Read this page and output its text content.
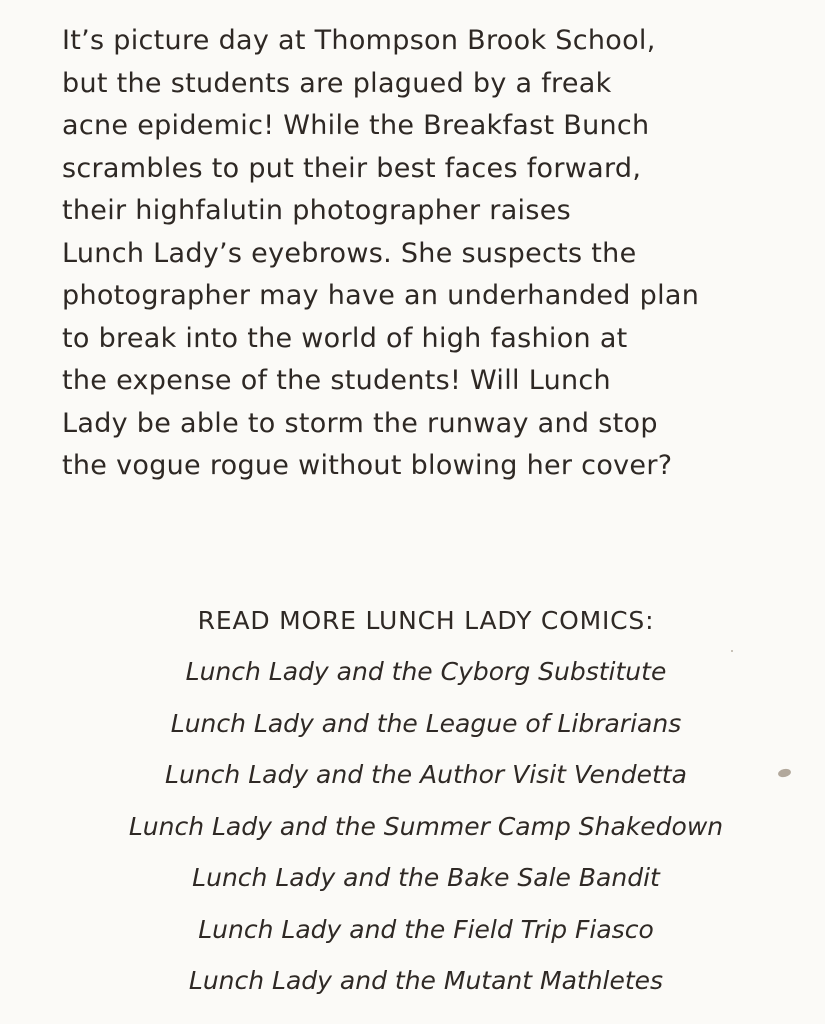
It’s picture day at Thompson Brook School,
but the students are plagued by a freak
acne epidemic! While the Breakfast Bunch
scrambles to put their best faces forward,
their highfalutin photographer raises
Lunch Lady’s eyebrows. She suspects the
photographer may have an underhanded plan
to break into the world of high fashion at
the expense of the students! Will Lunch
Lady be able to storm the runway and stop
the vogue rogue without blowing her cover?
READ MORE LUNCH LADY COMICS:
Lunch Lady and the Cyborg Substitute
Lunch Lady and the League of Librarians
Lunch Lady and the Author Visit Vendetta
Lunch Lady and the Summer Camp Shakedown
Lunch Lady and the Bake Sale Bandit
Lunch Lady and the Field Trip Fiasco
Lunch Lady and the Mutant Mathletes
